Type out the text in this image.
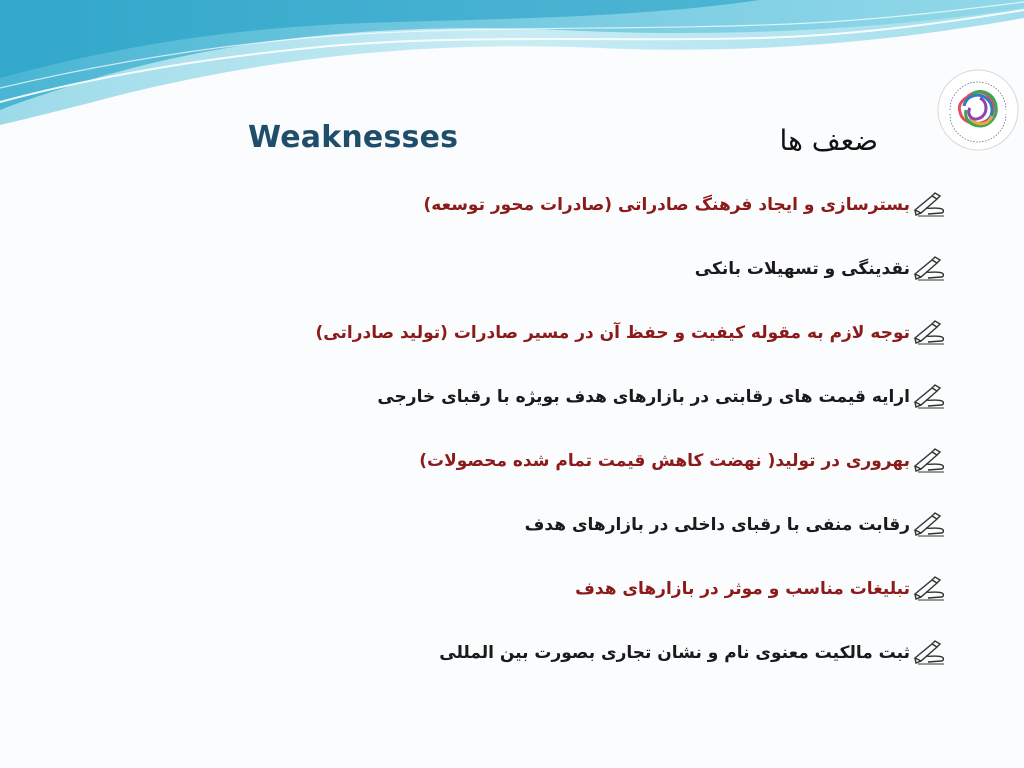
Weaknesses	ضعف ها
بسترسازی و ایجاد فرهنگ صادراتی (صادرات محور توسعه)
نقدینگی و تسهیلات بانکی
توجه لازم به مقوله کیفیت و حفظ آن در مسیر صادرات (تولید صادراتی)
ارایه قیمت های رقابتی در بازارهای هدف بویژه با رقبای خارجی
بهروری در تولید( نهضت کاهش قیمت تمام شده محصولات)
رقابت منفی با رقبای داخلی در بازارهای هدف
تبلیغات مناسب و موثر در بازارهای هدف
ثبت مالکیت معنوی نام و نشان تجاری بصورت بین المللی
